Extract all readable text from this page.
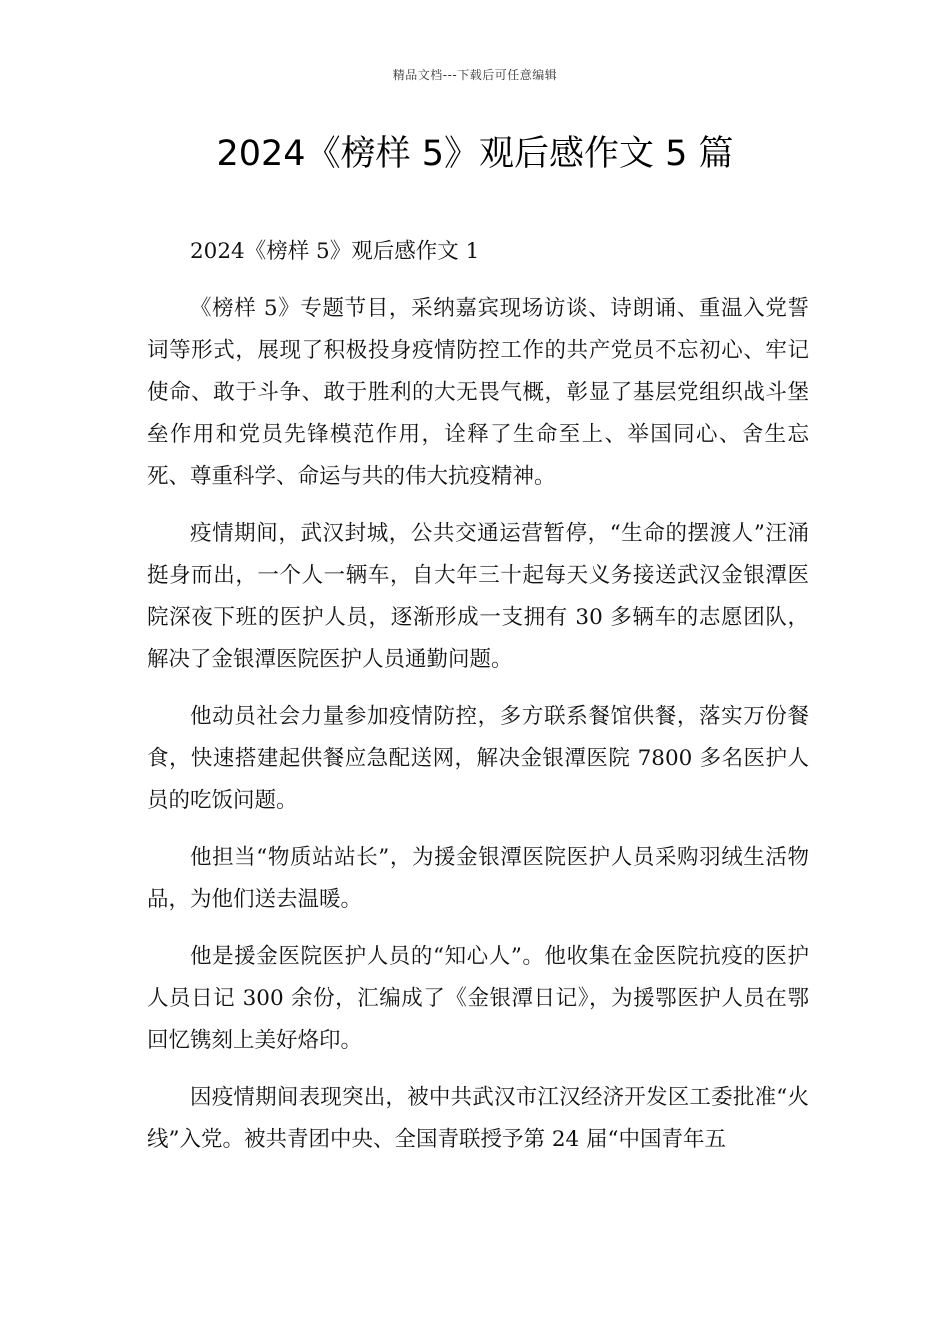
精品文档---下载后可任意编辑
2024《榜样 5》观后感作文 5 篇

2024《榜样 5》观后感作文 1

《榜样 5》专题节目，采纳嘉宾现场访谈、诗朗诵、重温入党誓词等形式，展现了积极投身疫情防控工作的共产党员不忘初心、牢记使命、敢于斗争、敢于胜利的大无畏气概，彰显了基层党组织战斗堡垒作用和党员先锋模范作用，诠释了生命至上、举国同心、舍生忘死、尊重科学、命运与共的伟大抗疫精神。

疫情期间，武汉封城，公共交通运营暂停，“生命的摆渡人”汪涌挺身而出，一个人一辆车，自大年三十起每天义务接送武汉金银潭医院深夜下班的医护人员，逐渐形成一支拥有 30 多辆车的志愿团队，解决了金银潭医院医护人员通勤问题。

他动员社会力量参加疫情防控，多方联系餐馆供餐，落实万份餐食，快速搭建起供餐应急配送网，解决金银潭医院 7800 多名医护人员的吃饭问题。

他担当“物质站站长”，为援金银潭医院医护人员采购羽绒生活物品，为他们送去温暖。

他是援金医院医护人员的“知心人”。他收集在金医院抗疫的医护人员日记 300 余份，汇编成了《金银潭日记》，为援鄂医护人员在鄂回忆镌刻上美好烙印。

因疫情期间表现突出，被中共武汉市江汉经济开发区工委批准“火线”入党。被共青团中央、全国青联授予第 24 届“中国青年五
